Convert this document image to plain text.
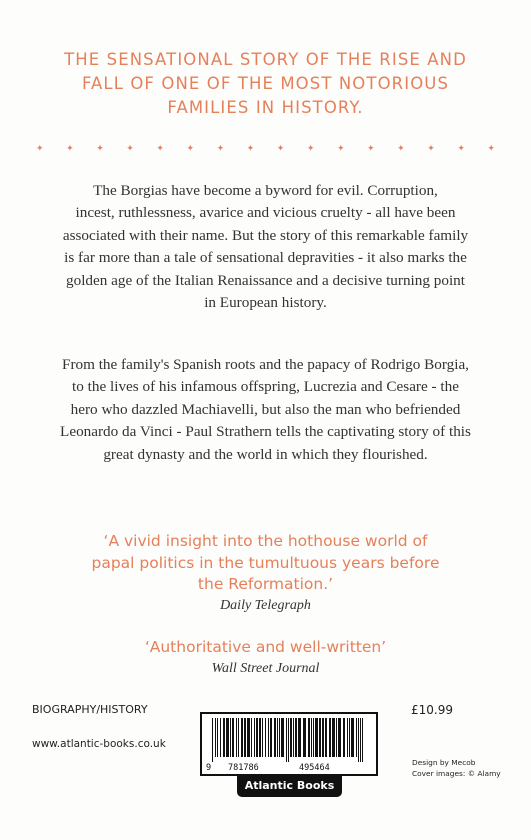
THE SENSATIONAL STORY OF THE RISE AND
FALL OF ONE OF THE MOST NOTORIOUS
FAMILIES IN HISTORY.
✦	✦	✦	✦	✦	✦	✦	✦	✦	✦	✦	✦	✦	✦	✦	✦
The Borgias have become a byword for evil. Corruption,
incest, ruthlessness, avarice and vicious cruelty - all have been
associated with their name. But the story of this remarkable family
is far more than a tale of sensational depravities - it also marks the
golden age of the Italian Renaissance and a decisive turning point
in European history.
From the family's Spanish roots and the papacy of Rodrigo Borgia,
to the lives of his infamous offspring, Lucrezia and Cesare - the
hero who dazzled Machiavelli, but also the man who befriended
Leonardo da Vinci - Paul Strathern tells the captivating story of this
great dynasty and the world in which they flourished.
‘A vivid insight into the hothouse world of
papal politics in the tumultuous years before
the Reformation.’
Daily Telegraph
‘Authoritative and well-written’
Wall Street Journal
BIOGRAPHY/HISTORY
www.atlantic-books.co.uk
£10.99
Design by Mecob
Cover images: © Alamy
9 781786	495464
Atlantic Books
